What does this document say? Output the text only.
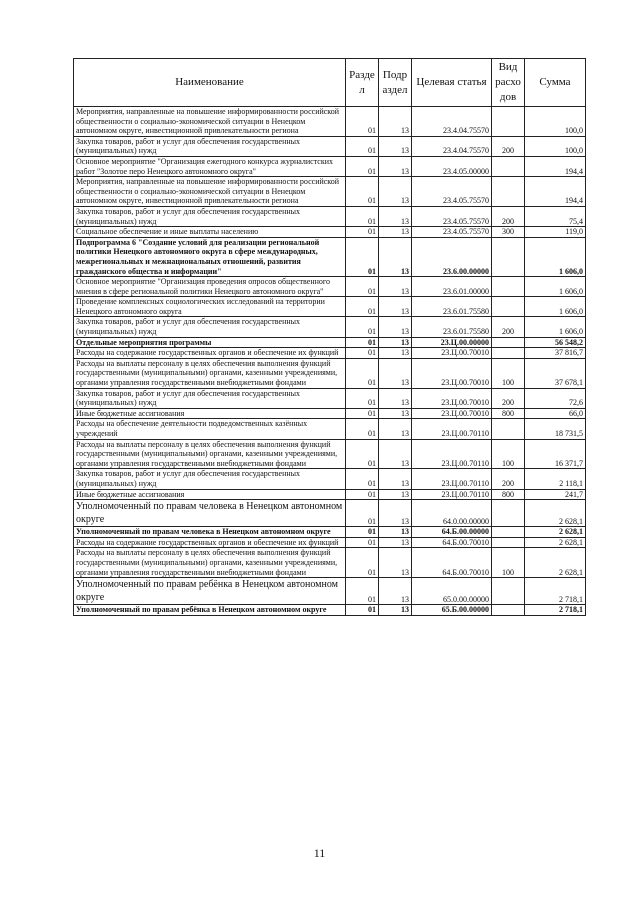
Наименование	Разде л	Подр аздел	Целевая статья	Вид расхо дов	Сумма
Мероприятия, направленные на повышение информированности российской общественности о социально-экономической ситуации в Ненецком автономном округе, инвестиционной привлекательности региона	01	13	23.4.04.75570		100,0
Закупка товаров, работ и услуг для обеспечения государственных (муниципальных) нужд	01	13	23.4.04.75570	200	100,0
Основное мероприятие "Организация ежегодного конкурса журналистских работ "Золотое перо Ненецкого автономного округа"	01	13	23.4.05.00000		194,4
Мероприятия, направленные на повышение информированности российской общественности о социально-экономической ситуации в Ненецком автономном округе, инвестиционной привлекательности региона	01	13	23.4.05.75570		194,4
Закупка товаров, работ и услуг для обеспечения государственных (муниципальных) нужд	01	13	23.4.05.75570	200	75,4
Социальное обеспечение и иные выплаты населению	01	13	23.4.05.75570	300	119,0
Подпрограмма 6 "Создание условий для реализации региональной политики Ненецкого автономного округа в сфере международных, межрегиональных и межнациональных отношений, развития гражданского общества и информации"	01	13	23.6.00.00000		1 606,0
Основное мероприятие "Организация проведения опросов общественного мнения в сфере региональной политики Ненецкого автономного округа"	01	13	23.6.01.00000		1 606,0
Проведение комплексных социологических исследований на территории Ненецкого автономного округа	01	13	23.6.01.75580		1 606,0
Закупка товаров, работ и услуг для обеспечения государственных (муниципальных) нужд	01	13	23.6.01.75580	200	1 606,0
Отдельные мероприятия программы	01	13	23.Ц.00.00000		56 548,2
Расходы на содержание государственных органов и обеспечение их функций	01	13	23.Ц.00.70010		37 816,7
Расходы на выплаты персоналу в целях обеспечения выполнения функций государственными (муниципальными) органами, казенными учреждениями, органами управления государственными внебюджетными фондами	01	13	23.Ц.00.70010	100	37 678,1
Закупка товаров, работ и услуг для обеспечения государственных (муниципальных) нужд	01	13	23.Ц.00.70010	200	72,6
Иные бюджетные ассигнования	01	13	23.Ц.00.70010	800	66,0
Расходы на обеспечение деятельности подведомственных казённых учреждений	01	13	23.Ц.00.70110		18 731,5
Расходы на выплаты персоналу в целях обеспечения выполнения функций государственными (муниципальными) органами, казенными учреждениями, органами управления государственными внебюджетными фондами	01	13	23.Ц.00.70110	100	16 371,7
Закупка товаров, работ и услуг для обеспечения государственных (муниципальных) нужд	01	13	23.Ц.00.70110	200	2 118,1
Иные бюджетные ассигнования	01	13	23.Ц.00.70110	800	241,7
Уполномоченный по правам человека в Ненецком автономном округе	01	13	64.0.00.00000		2 628,1
Уполномоченный по правам человека в Ненецком автономном округе	01	13	64.Б.00.00000		2 628,1
Расходы на содержание государственных органов и обеспечение их функций	01	13	64.Б.00.70010		2 628,1
Расходы на выплаты персоналу в целях обеспечения выполнения функций государственными (муниципальными) органами, казенными учреждениями, органами управления государственными внебюджетными фондами	01	13	64.Б.00.70010	100	2 628,1
Уполномоченный по правам ребёнка в Ненецком автономном округе	01	13	65.0.00.00000		2 718,1
Уполномоченный по правам ребёнка в Ненецком автономном округе	01	13	65.Б.00.00000		2 718,1
11
